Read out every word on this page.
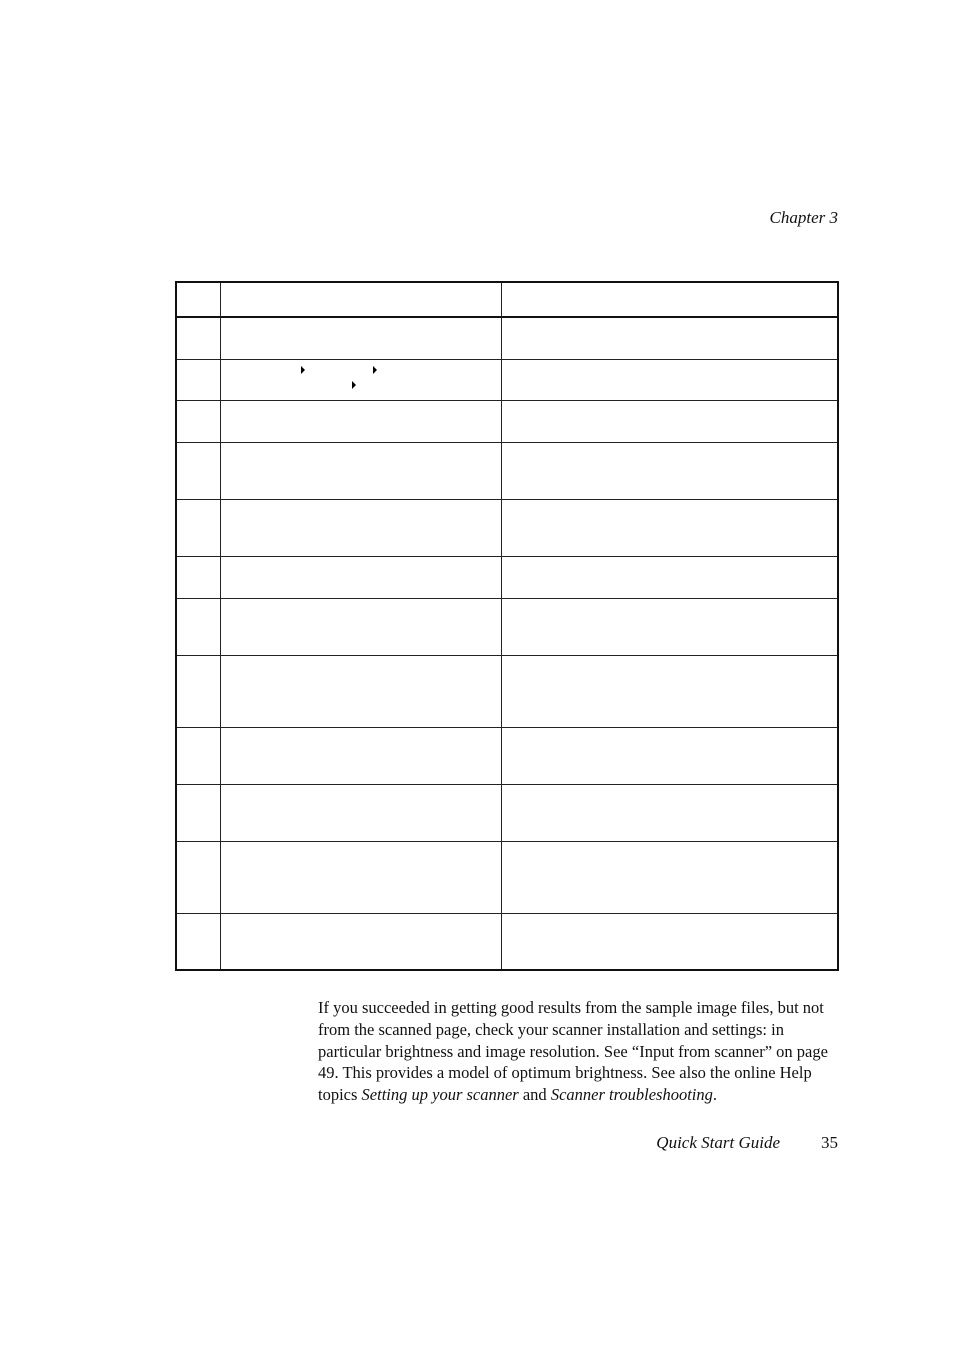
Chapter 3

If you succeeded in getting good results from the sample image files, but not from the scanned page, check your scanner installation and settings: in particular brightness and image resolution. See “Input from scanner” on page 49. This provides a model of optimum brightness. See also the online Help topics Setting up your scanner and Scanner troubleshooting.

Quick Start Guide 35
